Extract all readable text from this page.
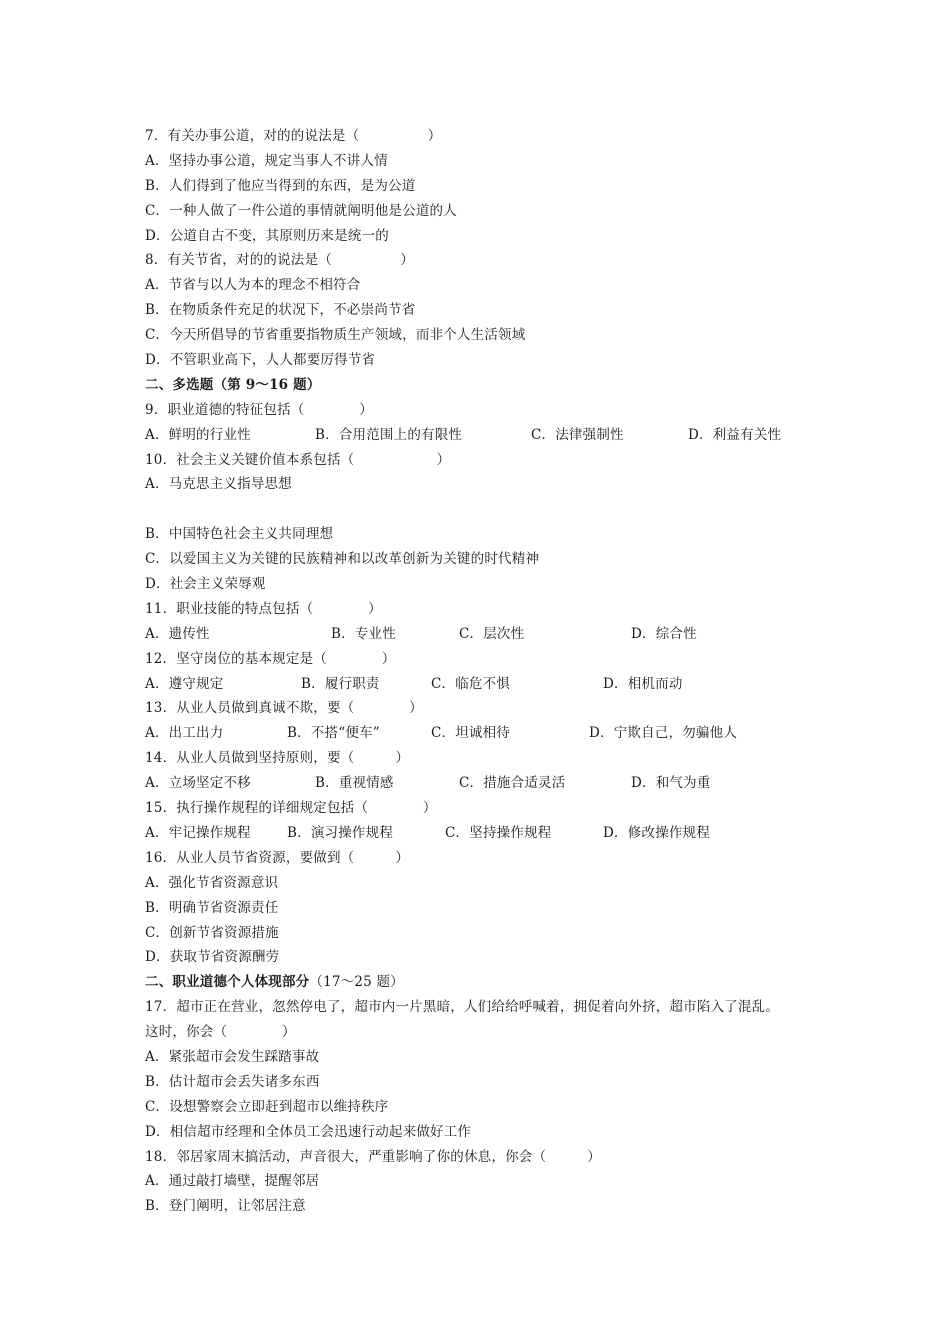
7．有关办事公道，对的的说法是（　　　　　）
A．坚持办事公道，规定当事人不讲人情
B．人们得到了他应当得到的东西，是为公道
C．一种人做了一件公道的事情就阐明他是公道的人
D．公道自古不变，其原则历来是统一的
8．有关节省，对的的说法是（　　　　　）
A．节省与以人为本的理念不相符合
B．在物质条件充足的状况下，不必崇尚节省
C．今天所倡导的节省重要指物质生产领域，而非个人生活领域
D．不管职业高下，人人都要厉得节省
二、多选题（第 9～16 题）
9．职业道德的特征包括（　　　　）
A．鲜明的行业性	B．合用范围上的有限性	C．法律强制性	D．利益有关性
10．社会主义关键价值本系包括（　　　　　　）
A．马克思主义指导思想
B．中国特色社会主义共同理想
C．以爱国主义为关键的民族精神和以改革创新为关键的时代精神
D．社会主义荣辱观
11．职业技能的特点包括（　　　　）
A．遗传性	B．专业性	C．层次性	D．综合性
12．坚守岗位的基本规定是（　　　　）
A．遵守规定	B．履行职责	C．临危不惧	D．相机而动
13．从业人员做到真诚不欺，要（　　　　）
A．出工出力	B．不搭“便车”	C．坦诚相待	D．宁欺自己，勿骗他人
14．从业人员做到坚持原则，要（　　　）
A．立场坚定不移	B．重视情感	C．措施合适灵活	D．和气为重
15．执行操作规程的详细规定包括（　　　　）
A．牢记操作规程	B．演习操作规程	C．坚持操作规程	D．修改操作规程
16．从业人员节省资源，要做到（　　　）
A．强化节省资源意识
B．明确节省资源责任
C．创新节省资源措施
D．获取节省资源酬劳
二、职业道德个人体现部分（17～25 题）
17．超市正在营业，忽然停电了，超市内一片黑暗，人们给给呼喊着，拥促着向外挤，超市陷入了混乱。
这时，你会（　　　　）
A．紧张超市会发生踩踏事故
B．估计超市会丢失诸多东西
C．设想警察会立即赶到超市以维持秩序
D．相信超市经理和全体员工会迅速行动起来做好工作
18．邻居家周末搞活动，声音很大，严重影响了你的休息，你会（　　　）
A．通过敲打墙壁，提醒邻居
B．登门阐明，让邻居注意
